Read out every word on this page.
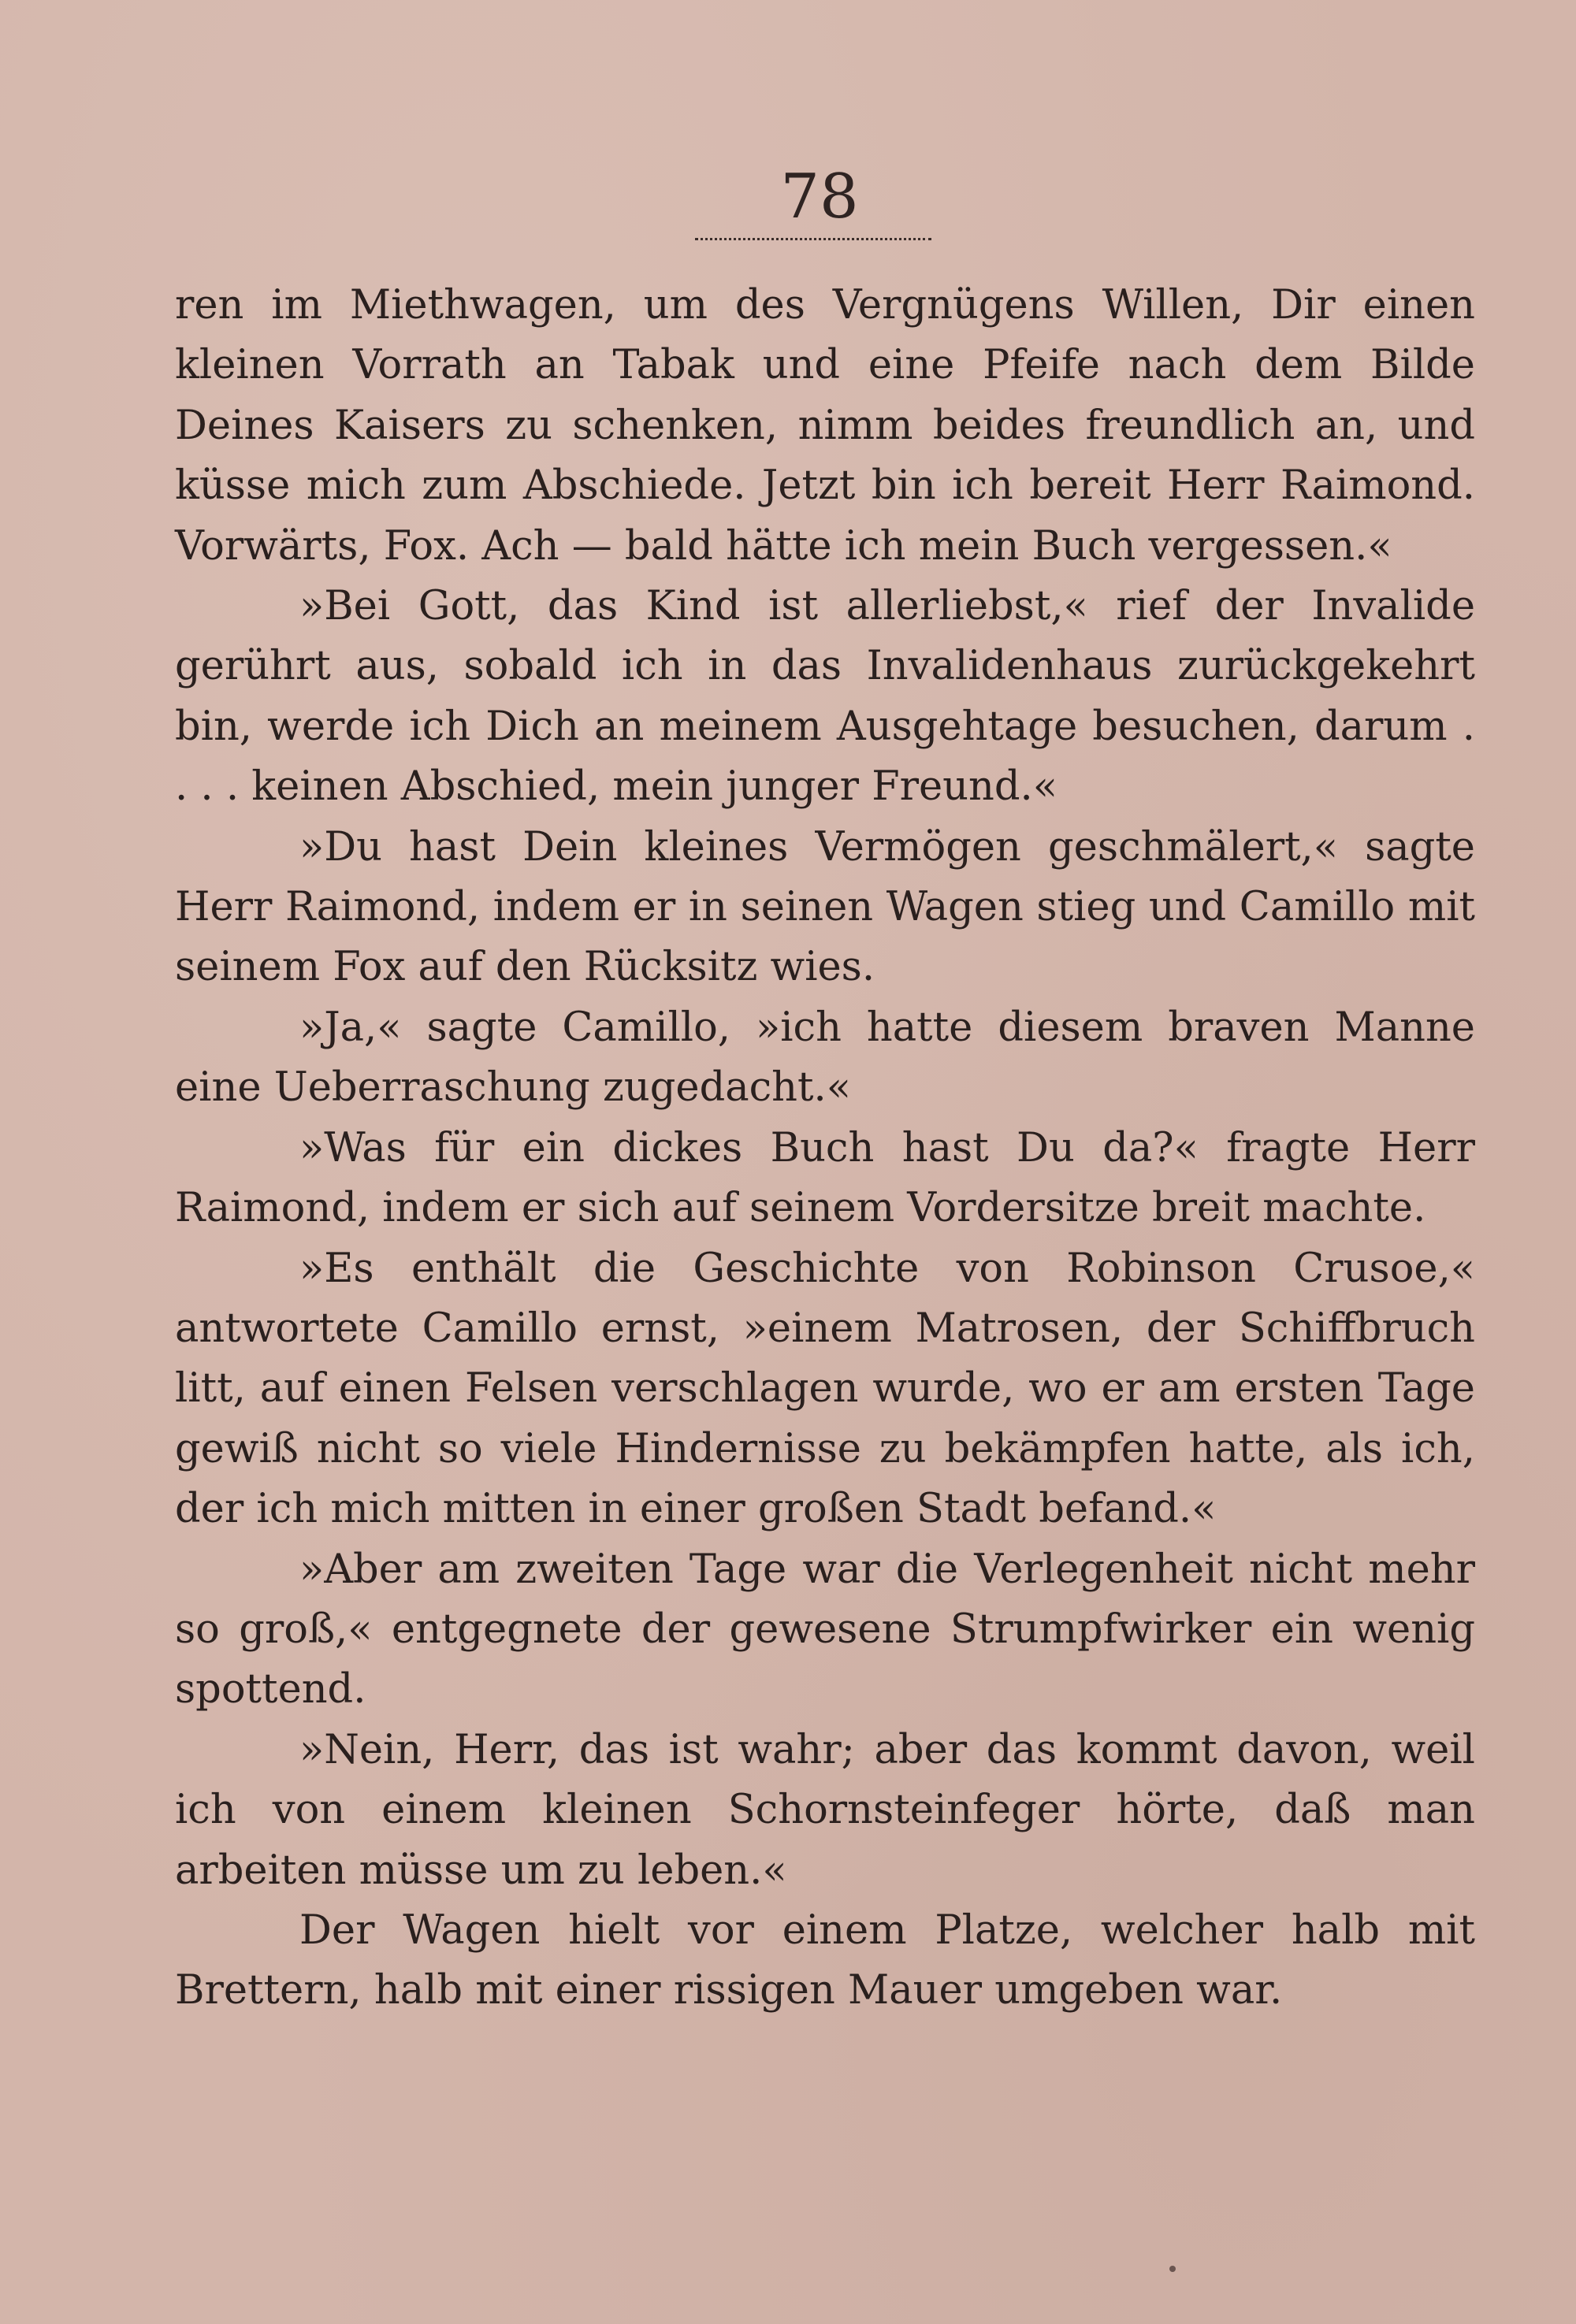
78

ren im Miethwagen, um des Vergnügens Willen, Dir einen kleinen Vorrath an Tabak und eine Pfeife nach dem Bilde Deines Kaisers zu schenken, nimm beides freundlich an, und küsse mich zum Abschiede. Jetzt bin ich bereit Herr Raimond. Vorwärts, Fox. Ach — bald hätte ich mein Buch vergessen.«

»Bei Gott, das Kind ist allerliebst,« rief der Invalide gerührt aus, sobald ich in das Invalidenhaus zurückgekehrt bin, werde ich Dich an meinem Ausgehtage besuchen, darum . . . . keinen Abschied, mein junger Freund.«

»Du hast Dein kleines Vermögen geschmälert,« sagte Herr Raimond, indem er in seinen Wagen stieg und Camillo mit seinem Fox auf den Rücksitz wies.

»Ja,« sagte Camillo, »ich hatte diesem braven Manne eine Ueberraschung zugedacht.«

»Was für ein dickes Buch hast Du da?« fragte Herr Raimond, indem er sich auf seinem Vordersitze breit machte.

»Es enthält die Geschichte von Robinson Crusoe,« antwortete Camillo ernst, »einem Matrosen, der Schiffbruch litt, auf einen Felsen verschlagen wurde, wo er am ersten Tage gewiß nicht so viele Hindernisse zu bekämpfen hatte, als ich, der ich mich mitten in einer großen Stadt befand.«

»Aber am zweiten Tage war die Verlegenheit nicht mehr so groß,« entgegnete der gewesene Strumpfwirker ein wenig spottend.

»Nein, Herr, das ist wahr; aber das kommt davon, weil ich von einem kleinen Schornsteinfeger hörte, daß man arbeiten müsse um zu leben.«

Der Wagen hielt vor einem Platze, welcher halb mit Brettern, halb mit einer rissigen Mauer umgeben war.
